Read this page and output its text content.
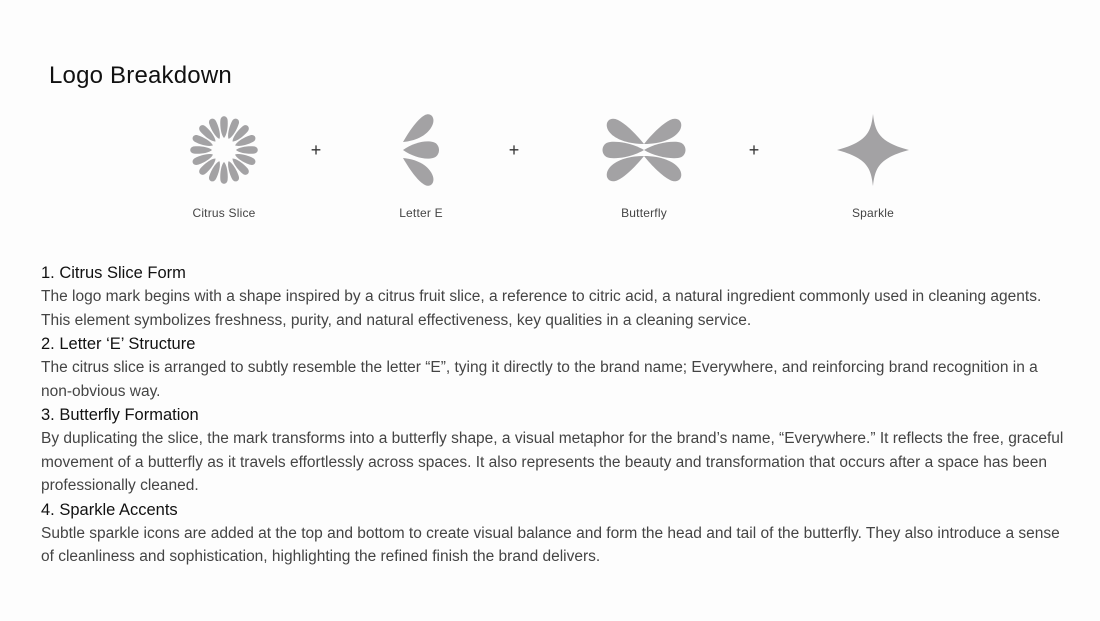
Logo Breakdown
Citrus Slice
+
Letter E
+
Butterfly
+
Sparkle
1. Citrus Slice Form

The logo mark begins with a shape inspired by a citrus fruit slice, a reference to citric acid, a natural ingredient commonly used in cleaning agents. This element symbolizes freshness, purity, and natural effectiveness, key qualities in a cleaning service.

2. Letter ‘E’ Structure

The citrus slice is arranged to subtly resemble the letter “E”, tying it directly to the brand name; Everywhere, and reinforcing brand recognition in a non-obvious way.

3. Butterfly Formation

By duplicating the slice, the mark transforms into a butterfly shape, a visual metaphor for the brand’s name, “Everywhere.” It reflects the free, graceful movement of a butterfly as it travels effortlessly across spaces. It also represents the beauty and transformation that occurs after a space has been professionally cleaned.

4. Sparkle Accents

Subtle sparkle icons are added at the top and bottom to create visual balance and form the head and tail of the butterfly. They also introduce a sense of cleanliness and sophistication, highlighting the refined finish the brand delivers.
